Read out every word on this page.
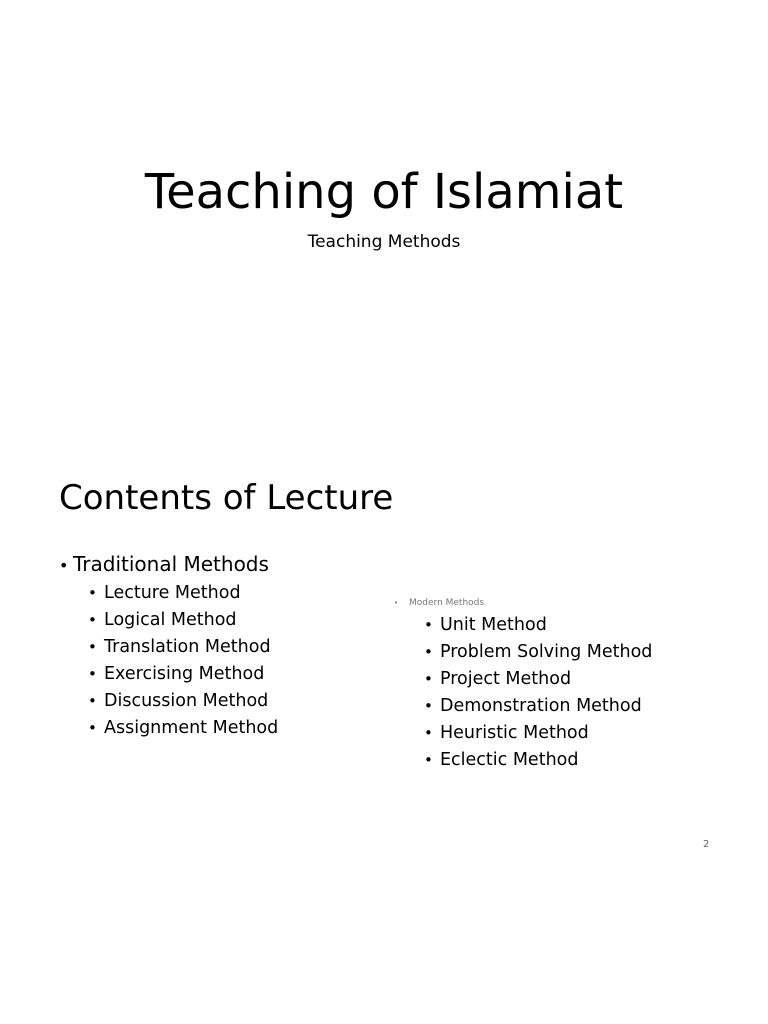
Teaching of Islamiat
Teaching Methods
Contents of Lecture
• Traditional Methods
• Lecture Method
• Logical Method
• Translation Method
• Exercising Method
• Discussion Method
• Assignment Method
• Modern Methods
• Unit Method
• Problem Solving Method
• Project Method
• Demonstration Method
• Heuristic Method
• Eclectic Method
2
